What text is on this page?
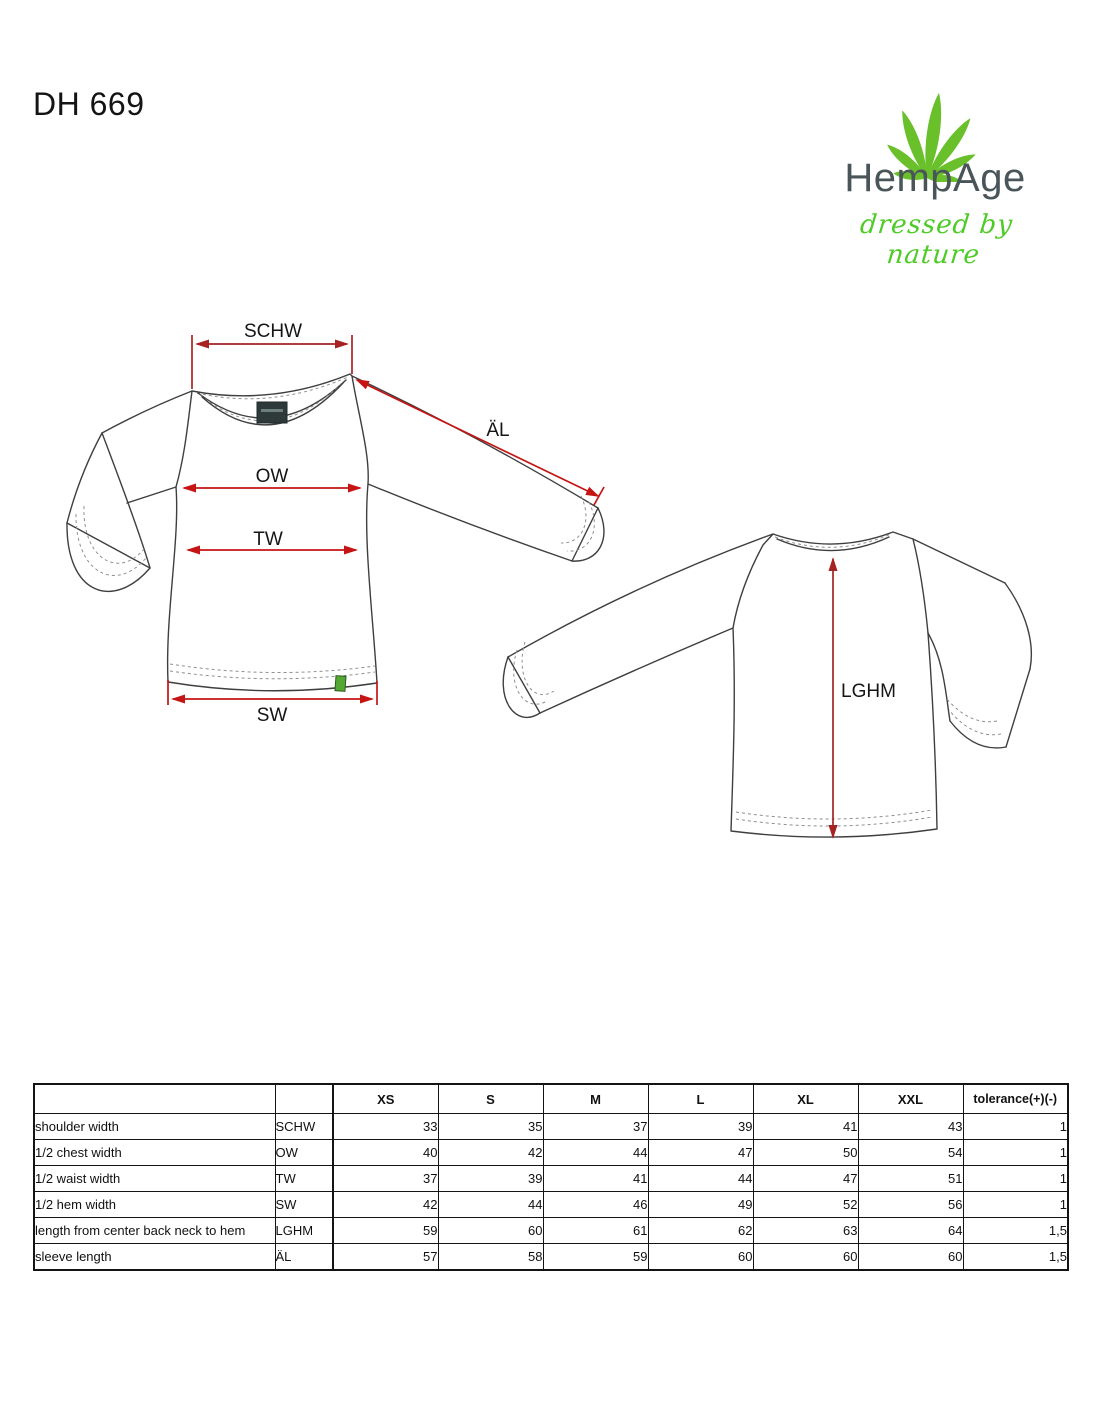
DH 669
HempAge
dressed by nature
SCHW
ÄL
OW
TW
SW
LGHM
		XS	S	M	L	XL	XXL	tolerance(+)(-)
shoulder width	SCHW	33	35	37	39	41	43	1
1/2 chest width	OW	40	42	44	47	50	54	1
1/2 waist width	TW	37	39	41	44	47	51	1
1/2 hem width	SW	42	44	46	49	52	56	1
length from center back neck to hem	LGHM	59	60	61	62	63	64	1,5
sleeve length	ÄL	57	58	59	60	60	60	1,5
